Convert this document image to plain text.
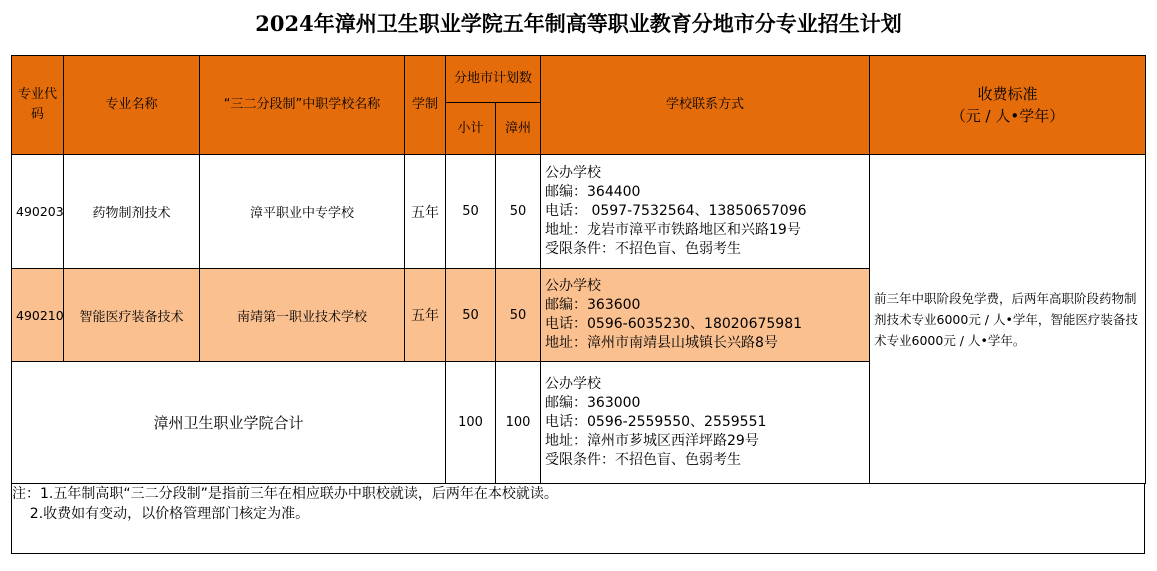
2024年漳州卫生职业学院五年制高等职业教育分地市分专业招生计划
专业代码	专业名称	“三二分段制”中职学校名称	学制	分地市计划数		学校联系方式	收费标准
（元 / 人•学年）

				小计	漳州		
490203	药物制剂技术	漳平职业中专学校	五年	50	50	公办学校
邮编：364400
电话： 0597-7532564、13850657096
地址：龙岩市漳平市铁路地区和兴路19号
受限条件：不招色盲、色弱考生	前三年中职阶段免学费，后两年高职阶段药物制剂技术专业6000元 / 人•学年，智能医疗装备技术专业6000元 / 人•学年。
490210	智能医疗装备技术	南靖第一职业技术学校	五年	50	50	公办学校
邮编：363600
电话：0596-6035230、18020675981
地址：漳州市南靖县山城镇长兴路8号	

漳州卫生职业学院合计				100	100	公办学校
邮编：363000
电话：0596-2559550、2559551
地址：漳州市芗城区西洋坪路29号
受限条件：不招色盲、色弱考生	
注：1.五年制高职“三二分段制”是指前三年在相应联办中职校就读，后两年在本校就读。
2.收费如有变动，以价格管理部门核定为准。
